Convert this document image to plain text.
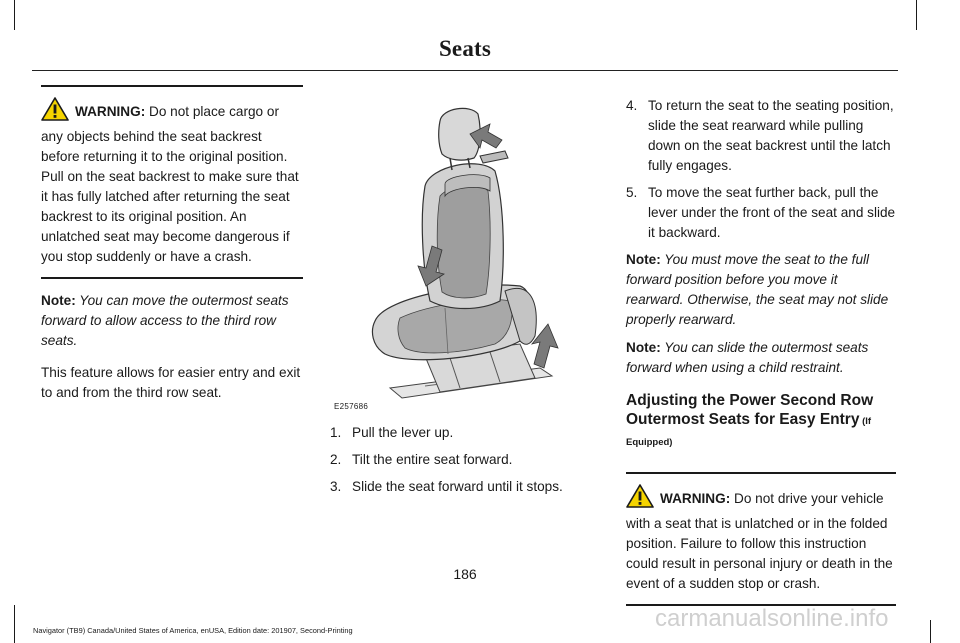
Seats

WARNING: Do not place cargo or any objects behind the seat backrest before returning it to the original position. Pull on the seat backrest to make sure that it has fully latched after returning the seat backrest to its original position. An unlatched seat may become dangerous if you stop suddenly or have a crash.

Note: You can move the outermost seats forward to allow access to the third row seats.

This feature allows for easier entry and exit to and from the third row seat.

E257686
1. Pull the lever up.
2. Tilt the entire seat forward.
3. Slide the seat forward until it stops.
4. To return the seat to the seating position, slide the seat rearward while pulling down on the seat backrest until the latch fully engages.
5. To move the seat further back, pull the lever under the front of the seat and slide it backward.

Note: You must move the seat to the full forward position before you move it rearward. Otherwise, the seat may not slide properly rearward.

Note: You can slide the outermost seats forward when using a child restraint.

Adjusting the Power Second Row Outermost Seats for Easy Entry (If Equipped)

WARNING: Do not drive your vehicle with a seat that is unlatched or in the folded position. Failure to follow this instruction could result in personal injury or death in the event of a sudden stop or crash.

186
Navigator (TB9) Canada/United States of America, enUSA, Edition date: 201907, Second-Printing	carmanualsonline.info
